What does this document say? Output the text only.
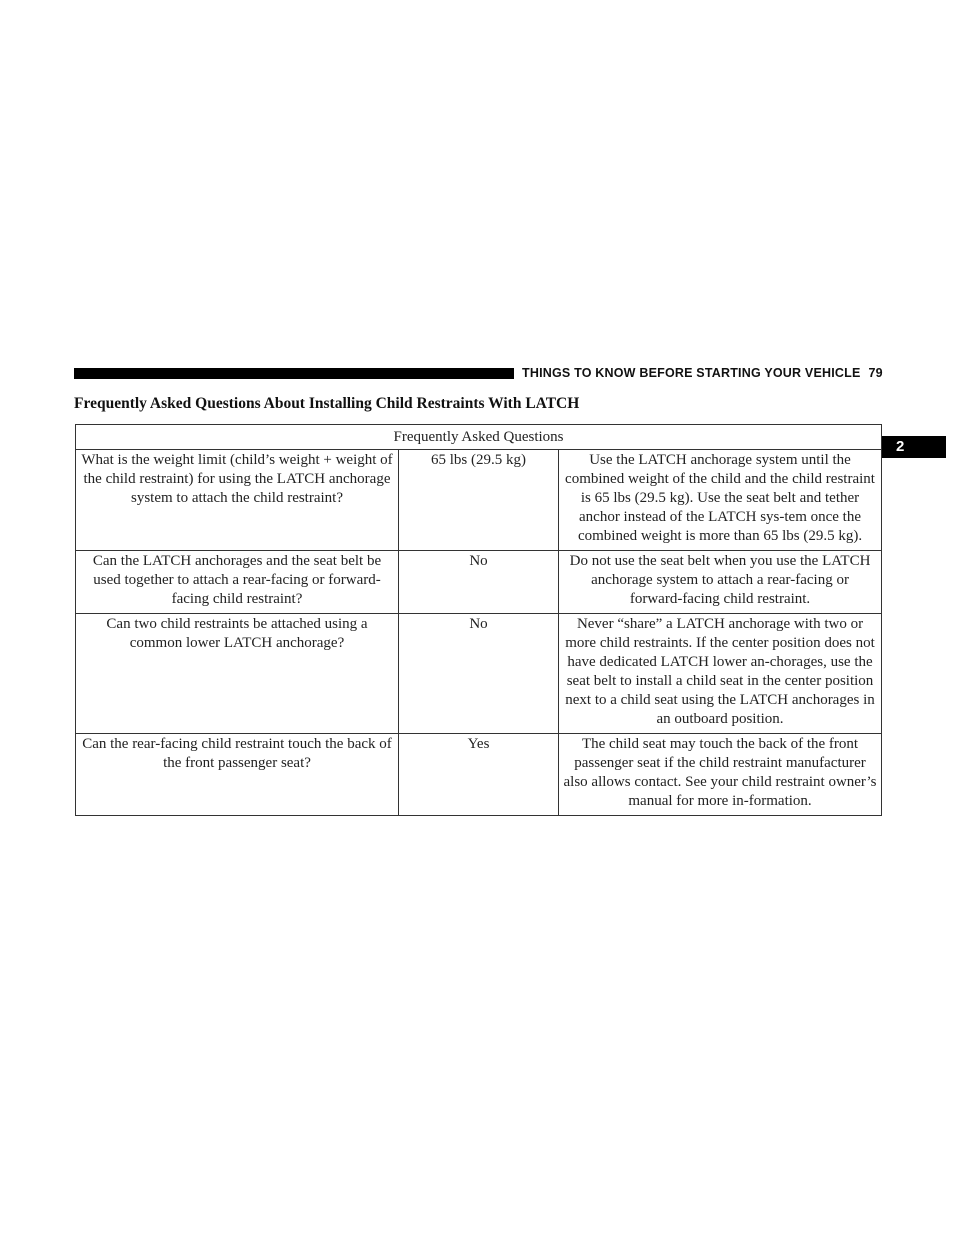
THINGS TO KNOW BEFORE STARTING YOUR VEHICLE 79
2
Frequently Asked Questions About Installing Child Restraints With LATCH
Frequently Asked Questions		
What is the weight limit (child’s weight + weight of the child restraint) for using the LATCH anchorage system to attach the child restraint?	65 lbs (29.5 kg)	Use the LATCH anchorage system until the combined weight of the child and the child restraint is 65 lbs (29.5 kg). Use the seat belt and tether anchor instead of the LATCH sys-tem once the combined weight is more than 65 lbs (29.5 kg).
Can the LATCH anchorages and the seat belt be used together to attach a rear-facing or forward-facing child restraint?	No	Do not use the seat belt when you use the LATCH anchorage system to attach a rear-facing or forward-facing child restraint.
Can two child restraints be attached using a common lower LATCH anchorage?	No	Never “share” a LATCH anchorage with two or more child restraints. If the center position does not have dedicated LATCH lower an-chorages, use the seat belt to install a child seat in the center position next to a child seat using the LATCH anchorages in an outboard position.
Can the rear-facing child restraint touch the back of the front passenger seat?	Yes	The child seat may touch the back of the front passenger seat if the child restraint manufacturer also allows contact. See your child restraint owner’s manual for more in-formation.
